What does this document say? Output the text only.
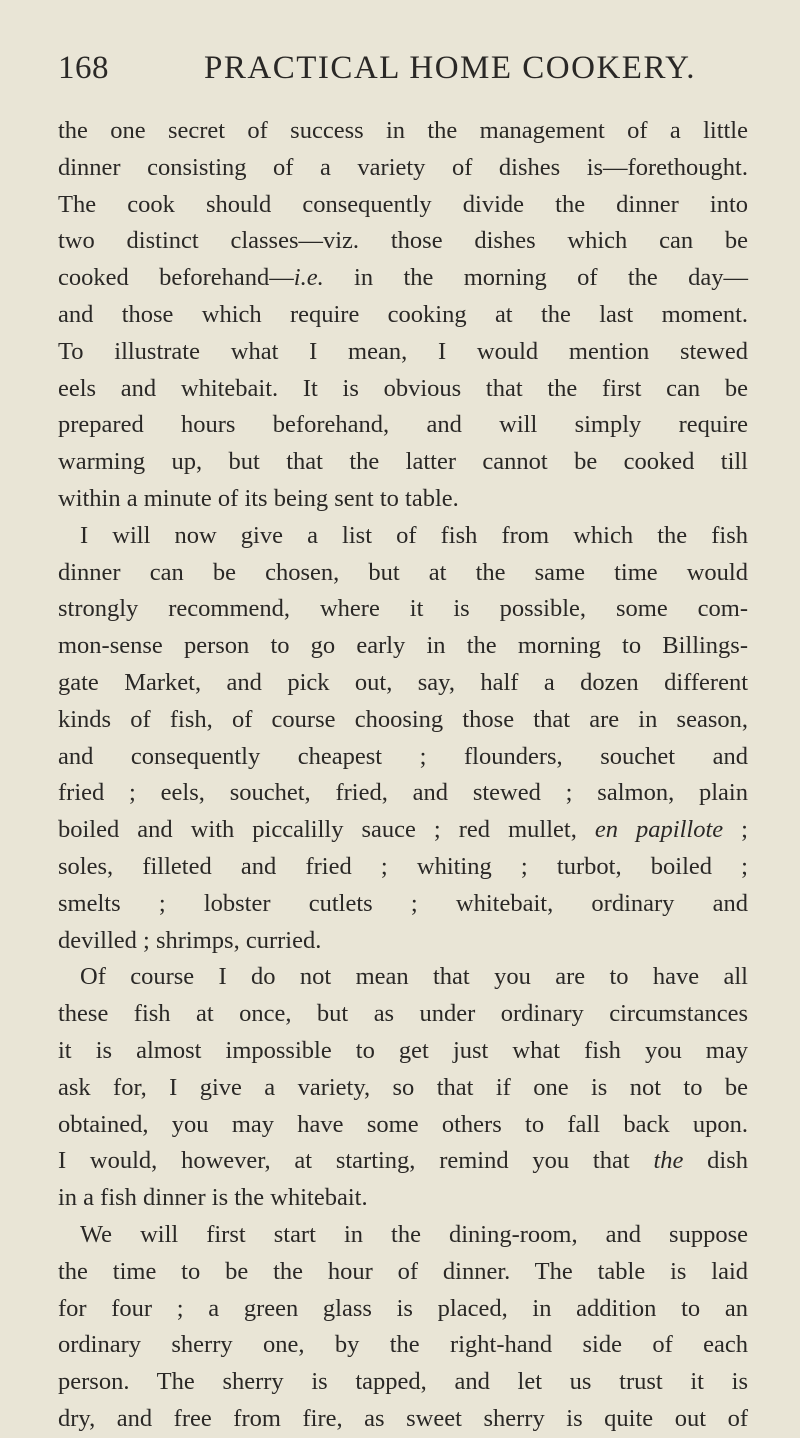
168	PRACTICAL HOME COOKERY.
the one secret of success in the management of a little
dinner consisting of a variety of dishes is—forethought.
The cook should consequently divide the dinner into
two distinct classes—viz. those dishes which can be
cooked beforehand—i.e. in the morning of the day—
and those which require cooking at the last moment.
To illustrate what I mean, I would mention stewed
eels and whitebait. It is obvious that the first can be
prepared hours beforehand, and will simply require
warming up, but that the latter cannot be cooked till
within a minute of its being sent to table.
I will now give a list of fish from which the fish
dinner can be chosen, but at the same time would
strongly recommend, where it is possible, some com-
mon-sense person to go early in the morning to Billings-
gate Market, and pick out, say, half a dozen different
kinds of fish, of course choosing those that are in season,
and consequently cheapest ; flounders, souchet and
fried ; eels, souchet, fried, and stewed ; salmon, plain
boiled and with piccalilly sauce ; red mullet, en papillote ;
soles, filleted and fried ; whiting ; turbot, boiled ;
smelts ; lobster cutlets ; whitebait, ordinary and
devilled ; shrimps, curried.
Of course I do not mean that you are to have all
these fish at once, but as under ordinary circumstances
it is almost impossible to get just what fish you may
ask for, I give a variety, so that if one is not to be
obtained, you may have some others to fall back upon.
I would, however, at starting, remind you that the dish
in a fish dinner is the whitebait.
We will first start in the dining-room, and suppose
the time to be the hour of dinner. The table is laid
for four ; a green glass is placed, in addition to an
ordinary sherry one, by the right-hand side of each
person. The sherry is tapped, and let us trust it is
dry, and free from fire, as sweet sherry is quite out of
